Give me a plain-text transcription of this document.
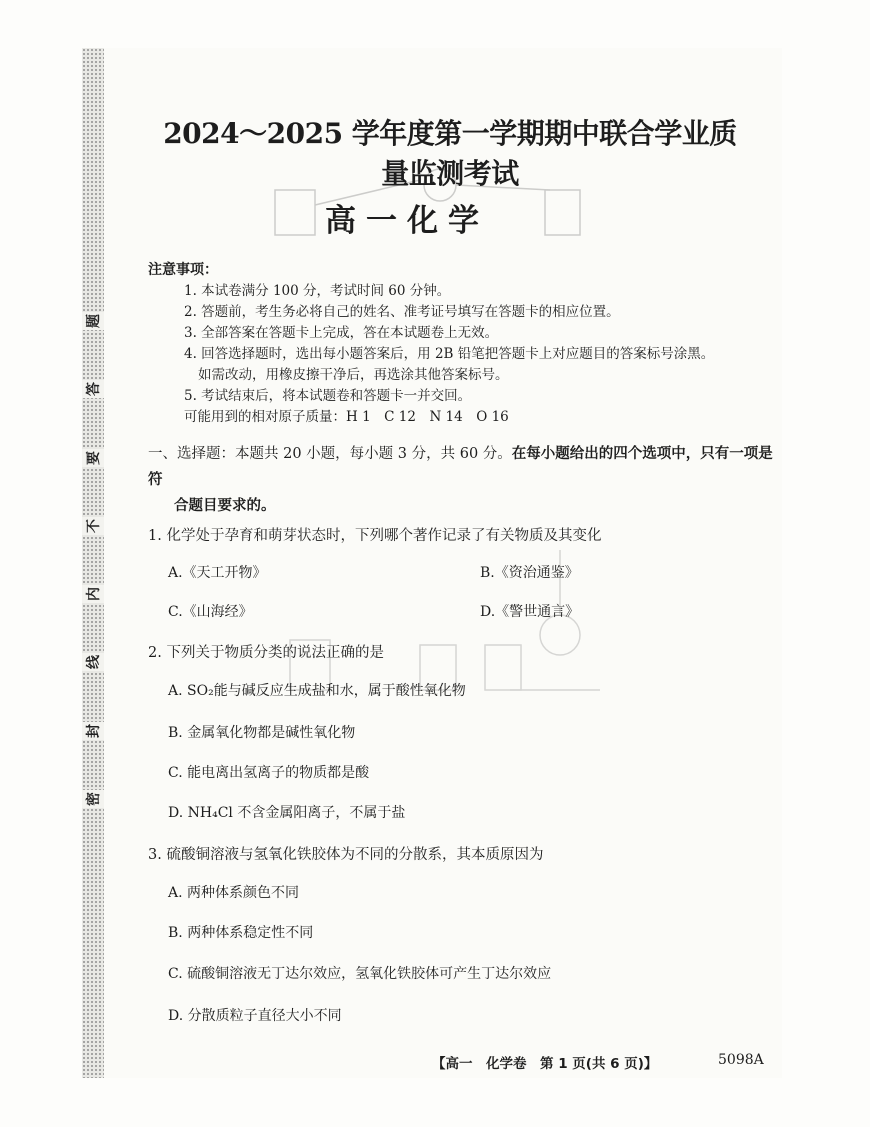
题
答
要
不
内
线
封
密
2024～2025 学年度第一学期期中联合学业质量监测考试
高一化学
注意事项：
1. 本试卷满分 100 分，考试时间 60 分钟。
2. 答题前，考生务必将自己的姓名、准考证号填写在答题卡的相应位置。
3. 全部答案在答题卡上完成，答在本试题卷上无效。
4. 回答选择题时，选出每小题答案后，用 2B 铅笔把答题卡上对应题目的答案标号涂黑。
如需改动，用橡皮擦干净后，再选涂其他答案标号。
5. 考试结束后，将本试题卷和答题卡一并交回。
可能用到的相对原子质量：H 1　C 12　N 14　O 16
一、选择题：本题共 20 小题，每小题 3 分，共 60 分。在每小题给出的四个选项中，只有一项是符
合题目要求的。
1. 化学处于孕育和萌芽状态时，下列哪个著作记录了有关物质及其变化
A.《天工开物》	B.《资治通鉴》
C.《山海经》	D.《警世通言》
2. 下列关于物质分类的说法正确的是
A. SO₂能与碱反应生成盐和水，属于酸性氧化物
B. 金属氧化物都是碱性氧化物
C. 能电离出氢离子的物质都是酸
D. NH₄Cl 不含金属阳离子，不属于盐
3. 硫酸铜溶液与氢氧化铁胶体为不同的分散系，其本质原因为
A. 两种体系颜色不同
B. 两种体系稳定性不同
C. 硫酸铜溶液无丁达尔效应，氢氧化铁胶体可产生丁达尔效应
D. 分散质粒子直径大小不同
【高一　化学卷　第 1 页(共 6 页)】	5098A
